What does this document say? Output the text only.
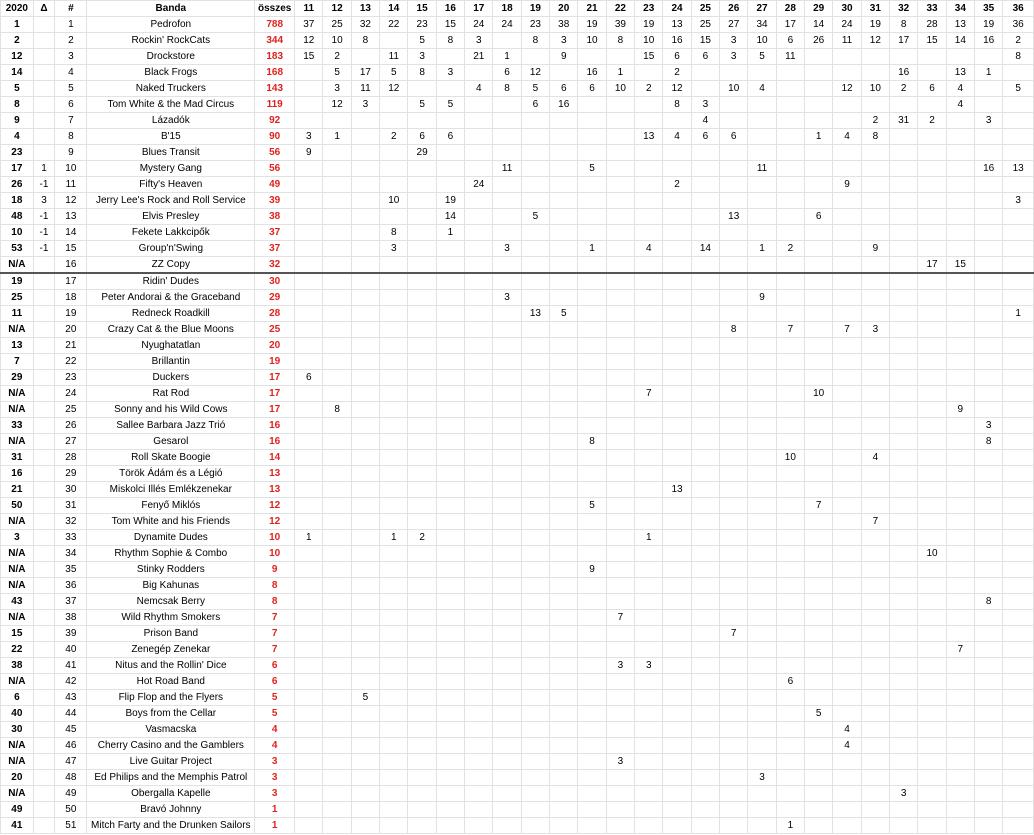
2020	Δ	#	Banda	összes	11	12	13	14	15	16	17	18	19	20	21	22	23	24	25	26	27	28	29	30	31	32	33	34	35	36
1		1	Pedrofon	788	37	25	32	22	23	15	24	24	23	38	19	39	19	13	25	27	34	17	14	24	19	8	28	13	19	36
2		2	Rockin' RockCats	344	12	10	8		5	8	3		8	3	10	8	10	16	15	3	10	6	26	11	12	17	15	14	16	2
12		3	Drockstore	183	15	2		11	3		21	1		9			15	6	6	3	5	11								8
14		4	Black Frogs	168		5	17	5	8	3		6	12		16	1		2								16		13	1	
5		5	Naked Truckers	143		3	11	12			4	8	5	6	6	10	2	12		10	4			12	10	2	6	4		5
8		6	Tom White & the Mad Circus	119		12	3		5	5			6	16				8	3									4		
9		7	Lázadók	92															4						2	31	2		3	
4		8	B'15	90	3	1		2	6	6							13	4	6	6			1	4	8					
23		9	Blues Transit	56	9				29																					
17	1	10	Mystery Gang	56								11			5						11								16	13
26	-1	11	Fifty's Heaven	49							24							2						9						
18	3	12	Jerry Lee's Rock and Roll Service	39				10		19																				3
48	-1	13	Elvis Presley	38						14			5							13			6							
10	-1	14	Fekete Lakkcipők	37				8		1																				
53	-1	15	Group'n'Swing	37				3				3			1		4		14		1	2			9					
N/A		16	ZZ Copy	32																							17	15		
19		17	Ridin' Dudes	30																										
25		18	Peter Andorai & the Graceband	29								3									9									
11		19	Redneck Roadkill	28									13	5																1
N/A		20	Crazy Cat & the Blue Moons	25																8		7		7	3					
13		21	Nyughatatlan	20																										
7		22	Brillantin	19																										
29		23	Duckers	17	6																									
N/A		24	Rat Rod	17													7						10							
N/A		25	Sonny and his Wild Cows	17		8																						9		
33		26	Sallee Barbara Jazz Trió	16																									3	
N/A		27	Gesarol	16											8														8	
31		28	Roll Skate Boogie	14																		10			4					
16		29	Török Ádám és a Légió	13																										
21		30	Miskolci Illés Emlékzenekar	13														13												
50		31	Fenyő Miklós	12											5								7							
N/A		32	Tom White and his Friends	12																					7					
3		33	Dynamite Dudes	10	1			1	2								1													
N/A		34	Rhythm Sophie & Combo	10																							10			
N/A		35	Stinky Rodders	9											9															
N/A		36	Big Kahunas	8																										
43		37	Nemcsak Berry	8																									8	
N/A		38	Wild Rhythm Smokers	7												7														
15		39	Prison Band	7																7										
22		40	Zenegép Zenekar	7																								7		
38		41	Nitus and the Rollin' Dice	6												3	3													
N/A		42	Hot Road Band	6																		6								
6		43	Flip Flop and the Flyers	5			5																							
40		44	Boys from the Cellar	5																			5							
30		45	Vasmacska	4																				4						
N/A		46	Cherry Casino and the Gamblers	4																				4						
N/A		47	Live Guitar Project	3												3														
20		48	Ed Philips and the Memphis Patrol	3																	3									
N/A		49	Obergalla Kapelle	3																						3				
49		50	Bravó Johnny	1																										
41		51	Mitch Farty and the Drunken Sailors	1																		1								
